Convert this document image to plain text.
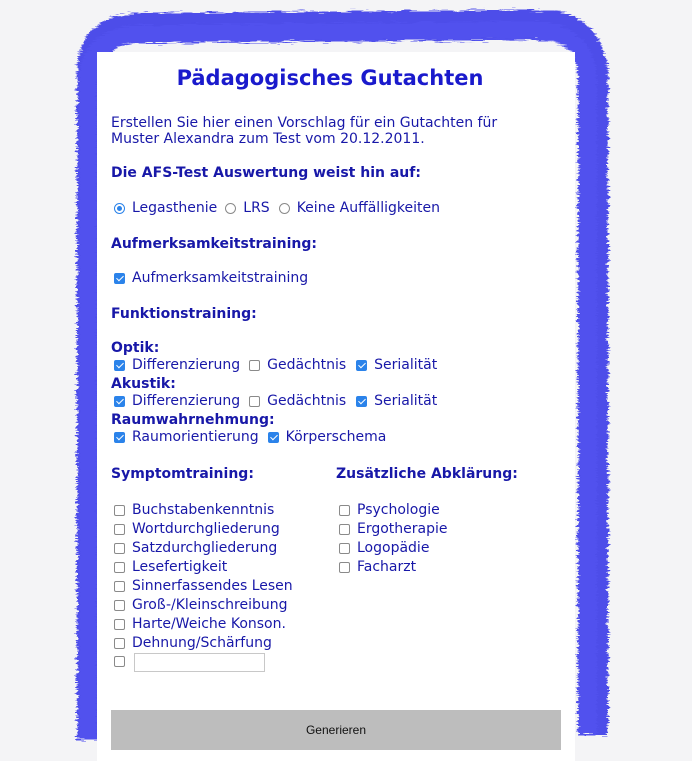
Pädagogisches Gutachten
Erstellen Sie hier einen Vorschlag für ein Gutachten für Muster Alexandra zum Test vom 20.12.2011.
Die AFS-Test Auswertung weist hin auf:
Legasthenie LRS Keine Auffälligkeiten
Aufmerksamkeitstraining:
Aufmerksamkeitstraining
Funktionstraining:
Optik:
Differenzierung Gedächtnis Serialität
Akustik:
Differenzierung Gedächtnis Serialität
Raumwahrnehmung:
Raumorientierung Körperschema
Symptomtraining:
Buchstabenkenntnis
Wortdurchgliederung
Satzdurchgliederung
Lesefertigkeit
Sinnerfassendes Lesen
Groß-/Kleinschreibung
Harte/Weiche Konson.
Dehnung/Schärfung
Zusätzliche Abklärung:
Psychologie
Ergotherapie
Logopädie
Facharzt
Generieren
